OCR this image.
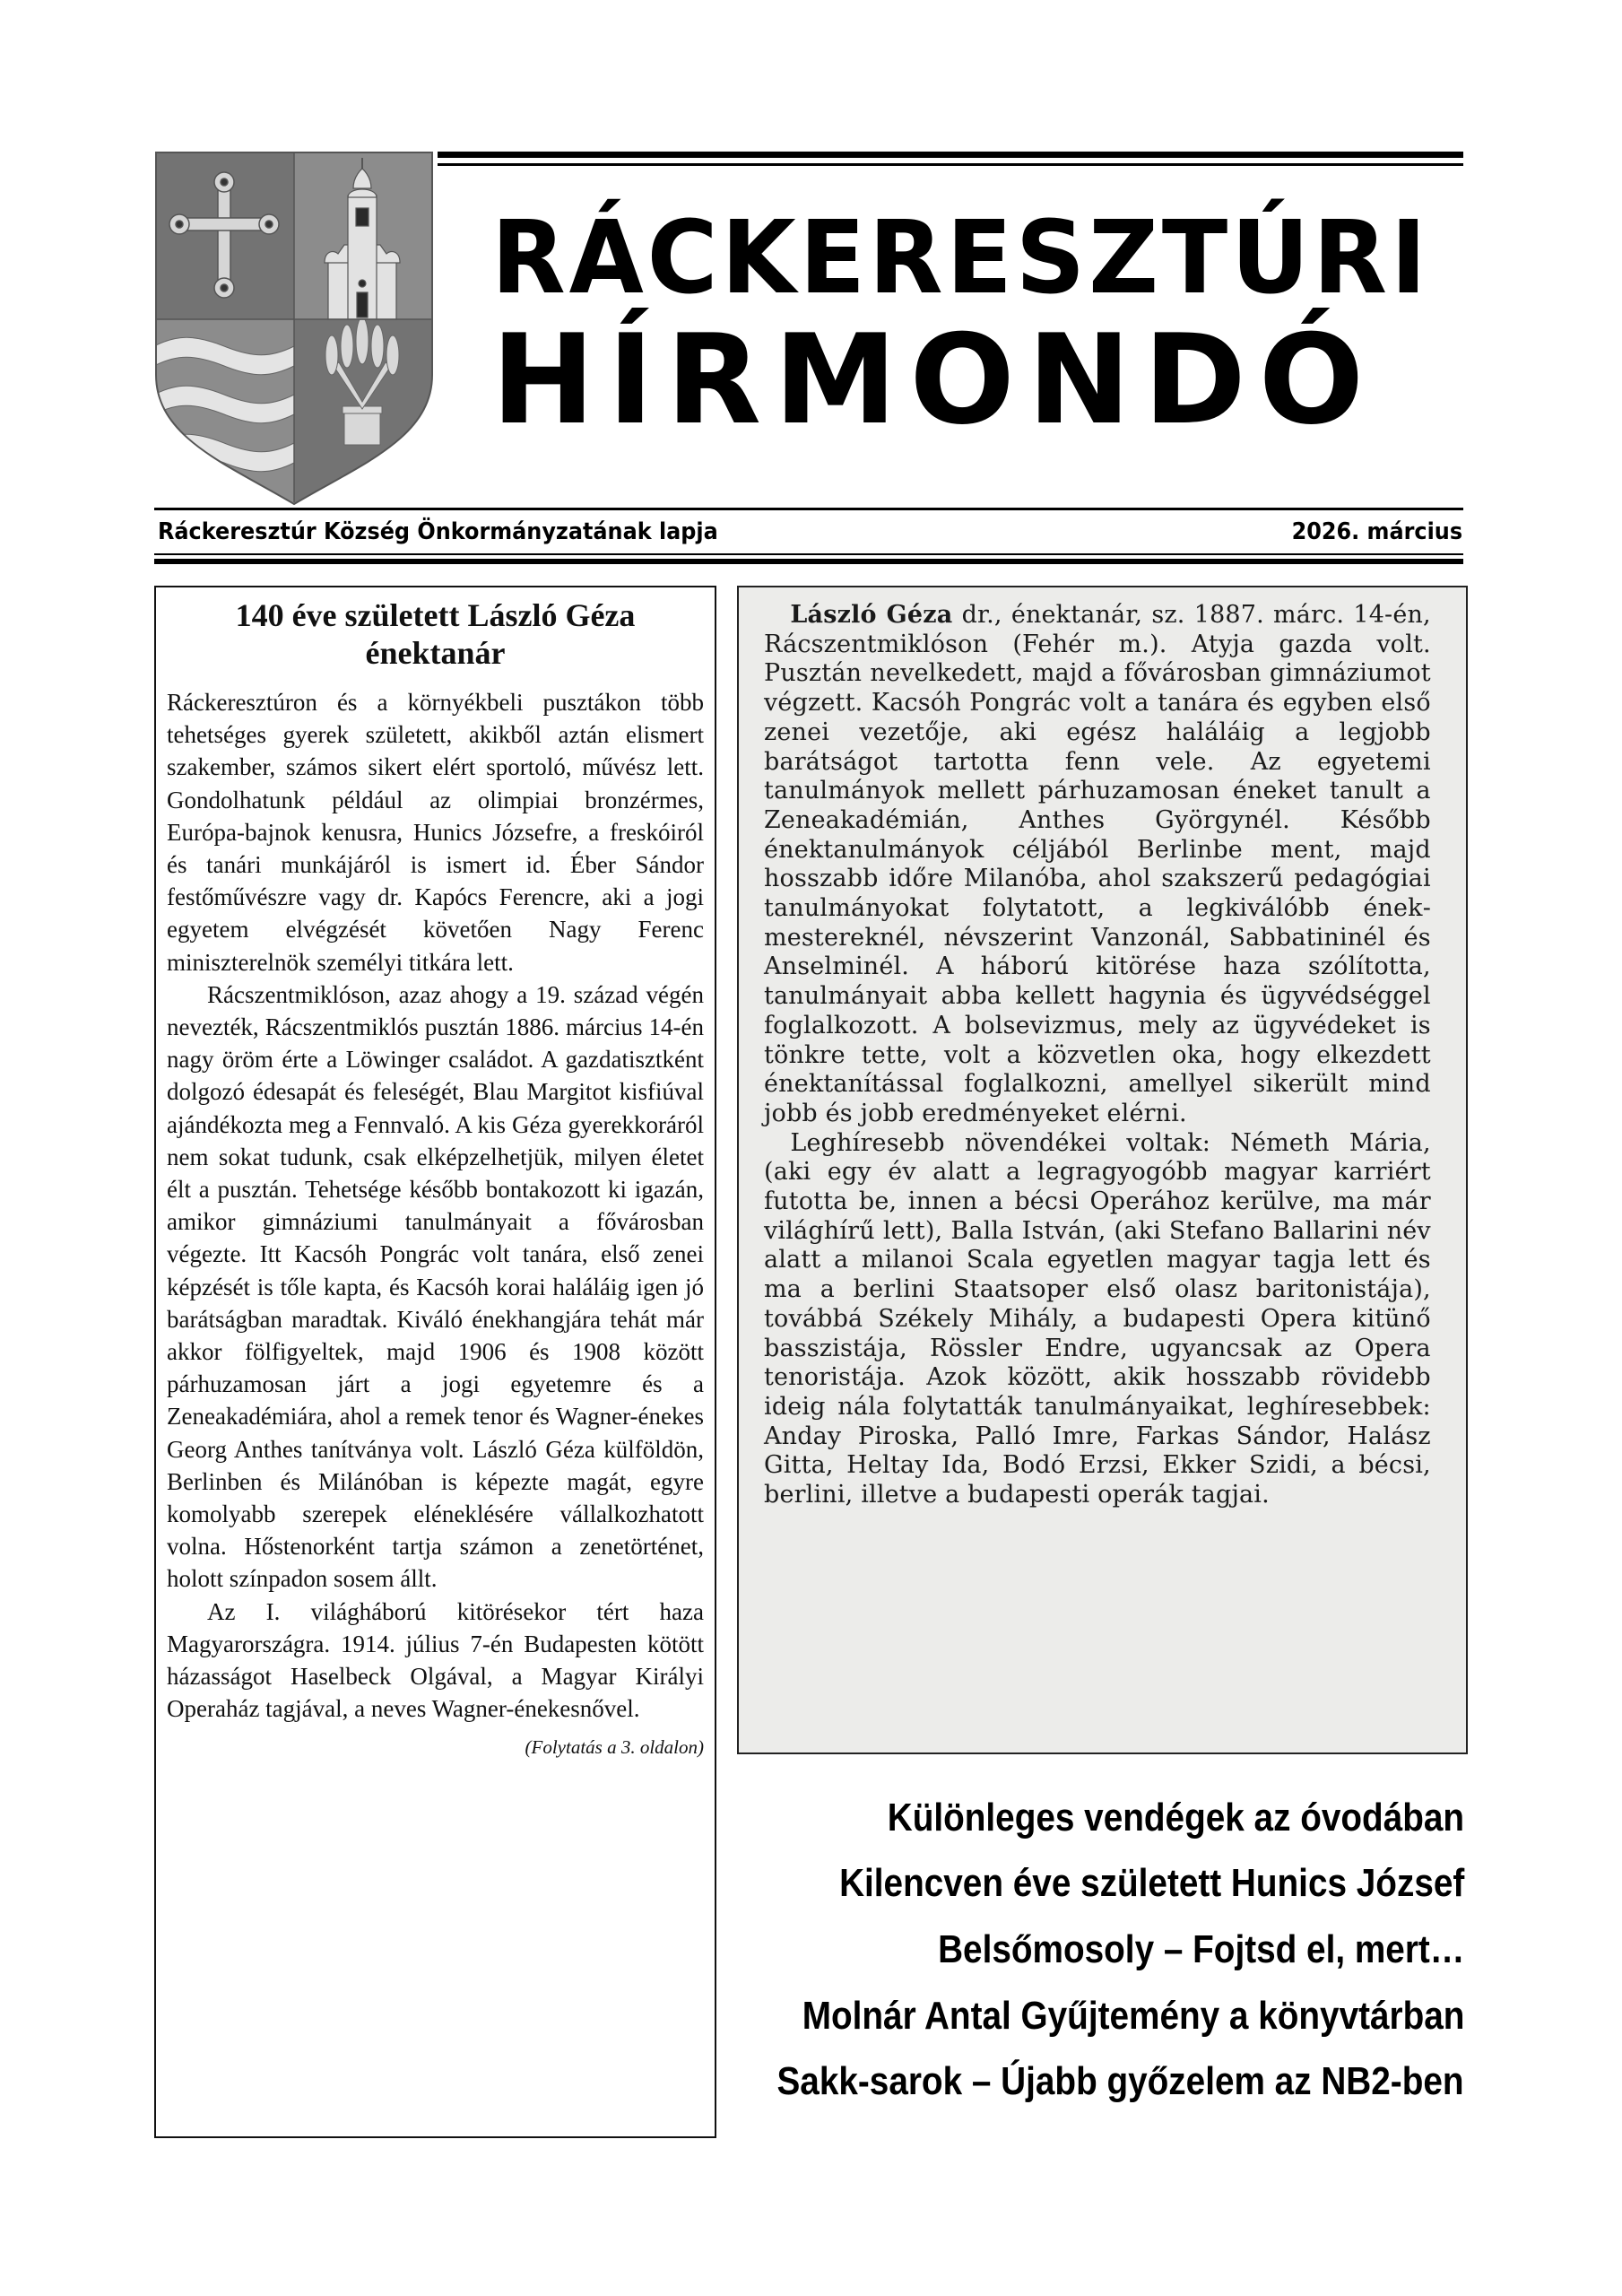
RÁCKERESZTÚRI
HÍRMONDÓ
Ráckeresztúr Község Önkormányzatának lapja	2026. március
140 éve született László Géza énektanár

Ráckeresztúron és a környékbeli pusztákon több tehetséges gyerek született, akikből aztán elismert szakember, számos sikert elért sportoló, művész lett. Gondolhatunk például az olimpiai bronzérmes, Európa-bajnok kenusra, Hunics Józsefre, a freskóiról és tanári munkájáról is ismert id. Éber Sándor festőművészre vagy dr. Kapócs Ferencre, aki a jogi egyetem elvégzését követően Nagy Ferenc miniszterelnök személyi titkára lett.

Rácszentmiklóson, azaz ahogy a 19. század végén nevezték, Rácszentmiklós pusztán 1886. március 14-én nagy öröm érte a Löwinger családot. A gazdatisztként dolgozó édesapát és feleségét, Blau Margitot kisfiúval ajándékozta meg a Fennvaló. A kis Géza gyerekkoráról nem sokat tudunk, csak elképzelhetjük, milyen életet élt a pusztán. Tehetsége később bontakozott ki igazán, amikor gimnáziumi tanulmányait a fővárosban végezte. Itt Kacsóh Pongrác volt tanára, első zenei képzését is tőle kapta, és Kacsóh korai haláláig igen jó barátságban maradtak. Kiváló énekhangjára tehát már akkor fölfigyeltek, majd 1906 és 1908 között párhuzamosan járt a jogi egyetemre és a Zeneakadémiára, ahol a remek tenor és Wagner-énekes Georg Anthes tanítványa volt. László Géza külföldön, Berlinben és Milánóban is képezte magát, egyre komolyabb szerepek eléneklésére vállalkozhatott volna. Hőstenorként tartja számon a zenetörténet, holott színpadon sosem állt.

Az I. világháború kitörésekor tért haza Magyarországra. 1914. július 7-én Budapesten kötött házasságot Haselbeck Olgával, a Magyar Királyi Operaház tagjával, a neves Wagner-énekesnővel.

(Folytatás a 3. oldalon)

László Géza dr., énektanár, sz. 1887. márc. 14-én, Rácszentmiklóson (Fehér m.). Atyja gazda volt. Pusztán nevelkedett, majd a fővárosban gimnáziumot végzett. Kacsóh Pongrác volt a tanára és egyben első zenei vezetője, aki egész haláláig a legjobb barátságot tartotta fenn vele. Az egyetemi tanulmányok mellett párhuzamosan éneket tanult a Zeneakadémián, Anthes Györgynél. Később énektanulmányok céljából Berlinbe ment, majd hosszabb időre Milanóba, ahol szakszerű pedagógiai tanulmányokat folytatott, a legkiválóbb énekmestereknél, névszerint Vanzonál, Sabbatininél és Anselminél. A háború kitörése haza szólította, tanulmányait abba kellett hagynia és ügyvédséggel foglalkozott. A bolsevizmus, mely az ügyvédeket is tönkre tette, volt a közvetlen oka, hogy elkezdett énektanítással foglalkozni, amellyel sikerült mind jobb és jobb eredményeket elérni.

Leghíresebb növendékei voltak: Németh Mária, (aki egy év alatt a legragyogóbb magyar karriért futotta be, innen a bécsi Operához kerülve, ma már világhírű lett), Balla István, (aki Stefano Ballarini név alatt a milanoi Scala egyetlen magyar tagja lett és ma a berlini Staatsoper első olasz baritonistája), továbbá Székely Mihály, a budapesti Opera kitünő basszistája, Rössler Endre, ugyancsak az Opera tenoristája. Azok között, akik hosszabb rövidebb ideig nála folytatták tanulmányaikat, leghíresebbek: Anday Piroska, Palló Imre, Farkas Sándor, Halász Gitta, Heltay Ida, Bodó Erzsi, Ekker Szidi, a bécsi, berlini, illetve a budapesti operák tagjai.

Különleges vendégek az óvodában
Kilencven éve született Hunics József
Belsőmosoly – Fojtsd el, mert…
Molnár Antal Gyűjtemény a könyvtárban
Sakk-sarok – Újabb győzelem az NB2-ben
